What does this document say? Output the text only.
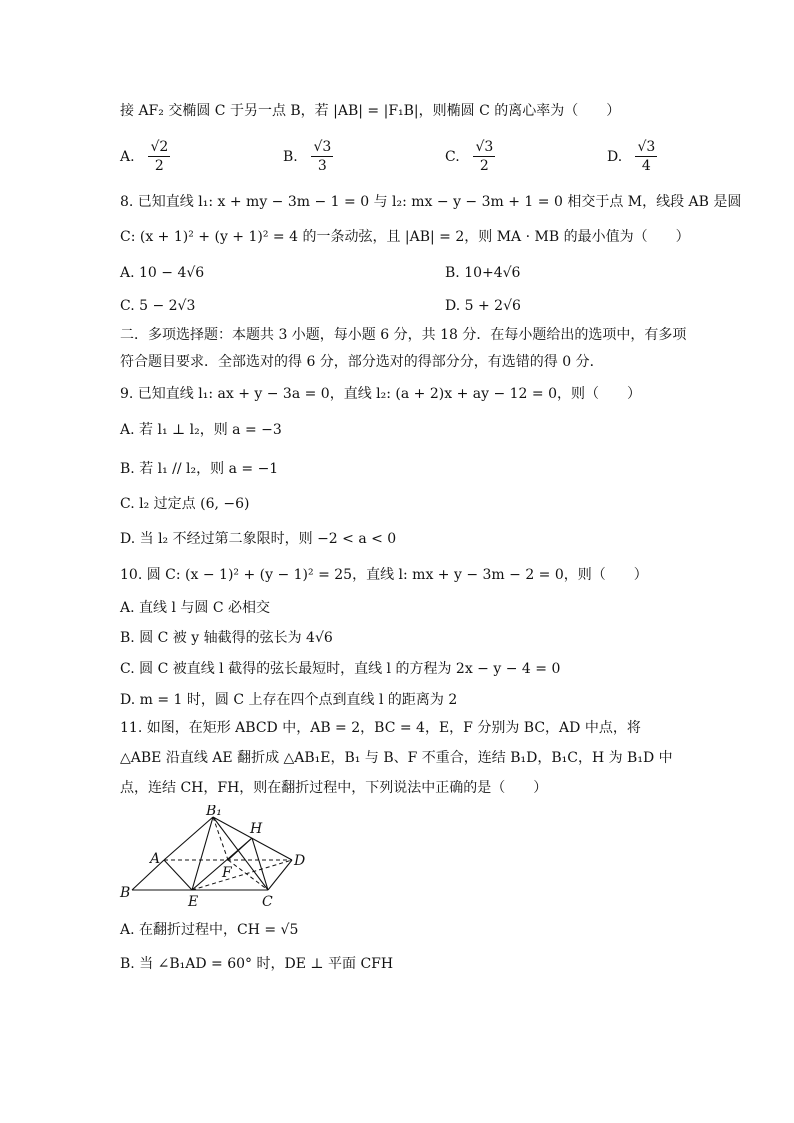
接 AF₂ 交椭圆 C 于另一点 B，若 |AB| = |F₁B|，则椭圆 C 的离心率为（　　）
A. $\frac{√2}{2}$	B. $\frac{√3}{3}$	C. $\frac{√3}{2}$	D. $\frac{√3}{4}$
8. 已知直线 l₁: x + my − 3m − 1 = 0 与 l₂: mx − y − 3m + 1 = 0 相交于点 M，线段 AB 是圆
C: (x + 1)² + (y + 1)² = 4 的一条动弦，且 |AB| = 2，则 MA · MB 的最小值为（　　）
A. 10 − 4√6	B. 10+4√6
C. 5 − 2√3	D. 5 + 2√6
二．多项选择题：本题共 3 小题，每小题 6 分，共 18 分．在每小题给出的选项中，有多项
符合题目要求．全部选对的得 6 分，部分选对的得部分分，有选错的得 0 分．
9. 已知直线 l₁: ax + y − 3a = 0，直线 l₂: (a + 2)x + ay − 12 = 0，则（　　）
A. 若 l₁ ⊥ l₂，则 a = −3
B. 若 l₁ // l₂，则 a = −1
C. l₂ 过定点 (6, −6)
D. 当 l₂ 不经过第二象限时，则 −2 < a < 0
10. 圆 C: (x − 1)² + (y − 1)² = 25，直线 l: mx + y − 3m − 2 = 0，则（　　）
A. 直线 l 与圆 C 必相交
B. 圆 C 被 y 轴截得的弦长为 4√6
C. 圆 C 被直线 l 截得的弦长最短时，直线 l 的方程为 2x − y − 4 = 0
D. m = 1 时，圆 C 上存在四个点到直线 l 的距离为 2
11. 如图，在矩形 ABCD 中，AB = 2，BC = 4，E，F 分别为 BC，AD 中点，将
△ABE 沿直线 AE 翻折成 △AB₁E，B₁ 与 B、F 不重合，连结 B₁D，B₁C，H 为 B₁D 中
点，连结 CH，FH，则在翻折过程中，下列说法中正确的是（　　）
B₁
H
A	D
F
B
E	C
A. 在翻折过程中，CH = √5
B. 当 ∠B₁AD = 60° 时，DE ⊥ 平面 CFH
